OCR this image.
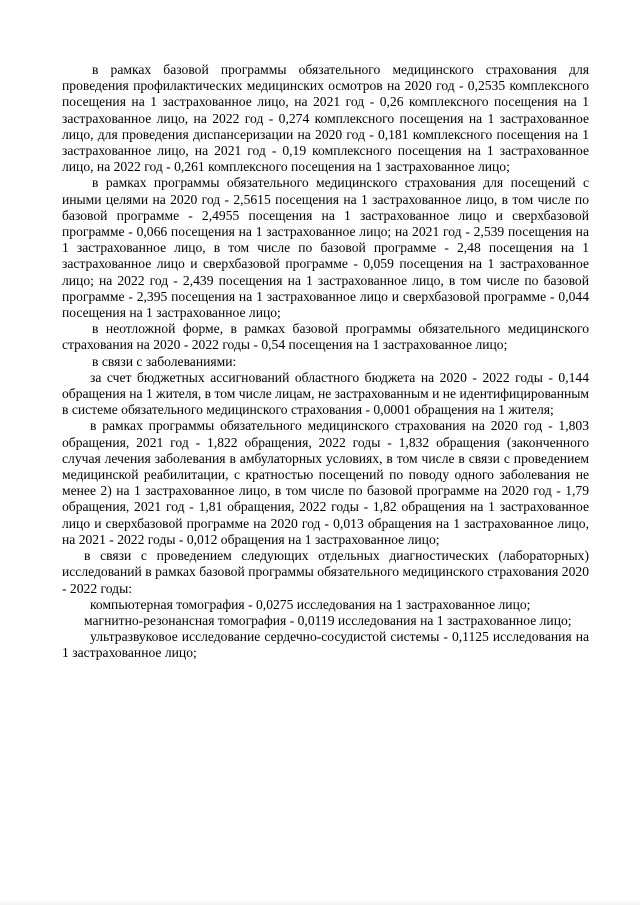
в рамках базовой программы обязательного медицинского страхования для проведения профилактических медицинских осмотров на 2020 год - 0,2535 комплексного посещения на 1 застрахованное лицо, на 2021 год - 0,26 комплексного посещения на 1 застрахованное лицо, на 2022 год - 0,274 комплексного посещения на 1 застрахованное лицо, для проведения диспансеризации на 2020 год - 0,181 комплексного посещения на 1 застрахованное лицо, на 2021 год - 0,19 комплексного посещения на 1 застрахованное лицо, на 2022 год - 0,261 комплексного посещения на 1 застрахованное лицо;

в рамках программы обязательного медицинского страхования для посещений с иными целями на 2020 год - 2,5615 посещения на 1 застрахованное лицо, в том числе по базовой программе - 2,4955 посещения на 1 застрахованное лицо и сверхбазовой программе - 0,066 посещения на 1 застрахованное лицо; на 2021 год - 2,539 посещения на 1 застрахованное лицо, в том числе по базовой программе - 2,48 посещения на 1 застрахованное лицо и сверхбазовой программе - 0,059 посещения на 1 застрахованное лицо; на 2022 год - 2,439 посещения на 1 застрахованное лицо, в том числе по базовой программе - 2,395 посещения на 1 застрахованное лицо и сверхбазовой программе - 0,044 посещения на 1 застрахованное лицо;

в неотложной форме, в рамках базовой программы обязательного медицинского страхования на 2020 - 2022 годы - 0,54 посещения на 1 застрахованное лицо;

в связи с заболеваниями:

за счет бюджетных ассигнований областного бюджета на 2020 - 2022 годы - 0,144 обращения на 1 жителя, в том числе лицам, не застрахованным и не идентифицированным в системе обязательного медицинского страхования - 0,0001 обращения на 1 жителя;

в рамках программы обязательного медицинского страхования на 2020 год - 1,803 обращения, 2021 год - 1,822 обращения, 2022 годы - 1,832 обращения (законченного случая лечения заболевания в амбулаторных условиях, в том числе в связи с проведением медицинской реабилитации, с кратностью посещений по поводу одного заболевания не менее 2) на 1 застрахованное лицо, в том числе по базовой программе на 2020 год - 1,79 обращения, 2021 год - 1,81 обращения, 2022 годы - 1,82 обращения на 1 застрахованное лицо и сверхбазовой программе на 2020 год - 0,013 обращения на 1 застрахованное лицо, на 2021 - 2022 годы - 0,012 обращения на 1 застрахованное лицо;

в связи с проведением следующих отдельных диагностических (лабораторных) исследований в рамках базовой программы обязательного медицинского страхования 2020 - 2022 годы:

компьютерная томография - 0,0275 исследования на 1 застрахованное лицо;

магнитно-резонансная томография - 0,0119 исследования на 1 застрахованное лицо;

ультразвуковое исследование сердечно-сосудистой системы - 0,1125 исследования на 1 застрахованное лицо;
